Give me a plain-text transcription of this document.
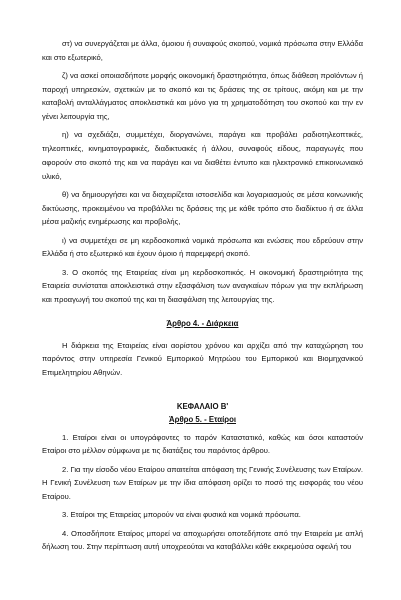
στ) να συνεργάζεται με άλλα, όμοιου ή συναφούς σκοπού, νομικά πρόσωπα στην Ελλάδα και στο εξωτερικό,

ζ) να ασκεί οποιασδήποτε μορφής οικονομική δραστηριότητα, όπως διάθεση προϊόντων ή παροχή υπηρεσιών, σχετικών με το σκοπό και τις δράσεις της σε τρίτους, ακόμη και με την καταβολή ανταλλάγματος αποκλειστικά και μόνο για τη χρηματοδότηση του σκοπού και την εν γένει λειτουργία της,

η) να σχεδιάζει, συμμετέχει, διοργανώνει, παράγει και προβάλει ραδιοτηλεοπτικές, τηλεοπτικές, κινηματογραφικές, διαδικτυακές ή άλλου, συναφούς είδους, παραγωγές που αφορούν στο σκοπό της και να παράγει και να διαθέτει έντυπο και ηλεκτρονικό επικοινωνιακό υλικό,

θ) να δημιουργήσει και να διαχειρίζεται ιστοσελίδα και λογαριασμούς σε μέσα κοινωνικής δικτύωσης, προκειμένου να προβάλλει τις δράσεις της με κάθε τρόπο στο διαδίκτυο ή σε άλλα μέσα μαζικής ενημέρωσης και προβολής,

ι) να συμμετέχει σε μη κερδοσκοπικά νομικά πρόσωπα και ενώσεις που εδρεύουν στην Ελλάδα ή στο εξωτερικό και έχουν όμοιο ή παρεμφερή σκοπό.

3. Ο σκοπός της Εταιρείας είναι μη κερδοσκοπικός. Η οικονομική δραστηριότητα της Εταιρεία συνίσταται αποκλειστικά στην εξασφάλιση των αναγκαίων πόρων για την εκπλήρωση και προαγωγή του σκοπού της και τη διασφάλιση της λειτουργίας της.

Άρθρο 4. - Διάρκεια

Η διάρκεια της Εταιρείας είναι αορίστου χρόνου και αρχίζει από την καταχώρηση του παρόντος στην υπηρεσία Γενικού Εμπορικού Μητρώου του Εμπορικού και Βιομηχανικού Επιμελητηρίου Αθηνών.

ΚΕΦΑΛΑΙΟ Β'

Άρθρο 5. - Εταίροι

1. Εταίροι είναι οι υπογράφοντες το παρόν Καταστατικό, καθώς και όσοι καταστούν Εταίροι στο μέλλον σύμφωνα με τις διατάξεις του παρόντος άρθρου.

2. Για την είσοδο νέου Εταίρου απαιτείται απόφαση της Γενικής Συνέλευσης των Εταίρων. Η Γενική Συνέλευση των Εταίρων με την ίδια απόφαση ορίζει το ποσό της εισφοράς του νέου Εταίρου.

3. Εταίροι της Εταιρείας μπορούν να είναι φυσικά και νομικά πρόσωπα.

4. Οποσδήποτε Εταίρος μπορεί να αποχωρήσει οποτεδήποτε από την Εταιρεία με απλή δήλωση του. Στην περίπτωση αυτή υποχρεούται να καταβάλλει κάθε εκκρεμούσα οφειλή του
